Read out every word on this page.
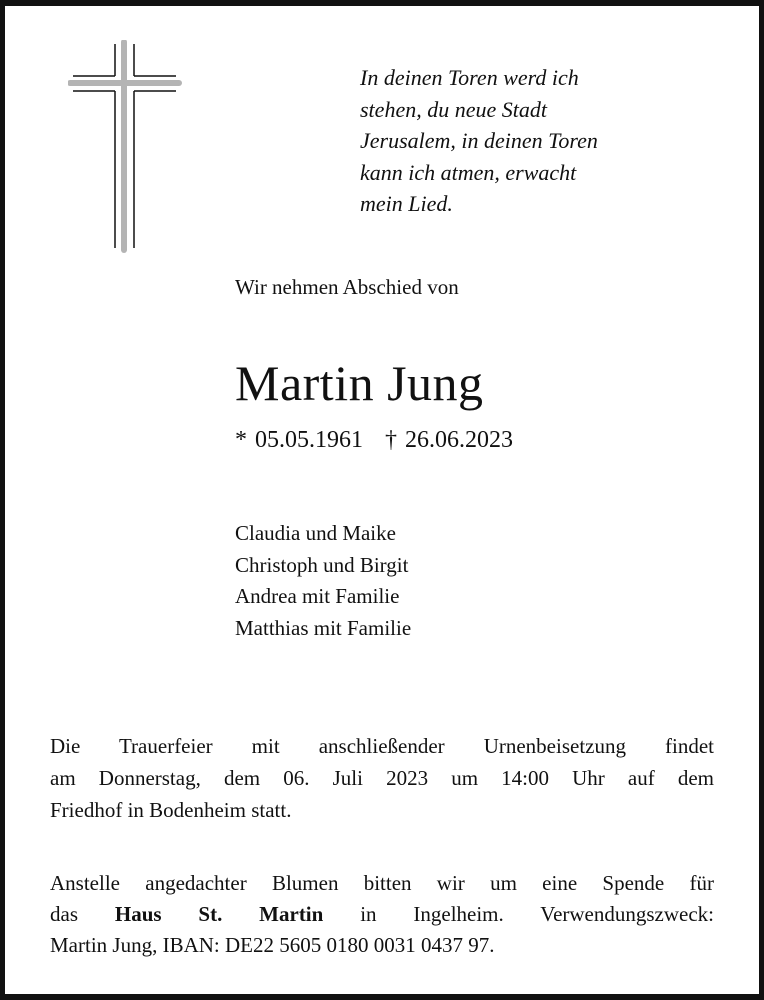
In deinen Toren werd ich
stehen, du neue Stadt
Jerusalem, in deinen Toren
kann ich atmen, erwacht
mein Lied.
Wir nehmen Abschied von
Martin Jung
* 05.05.1961 † 26.06.2023
Claudia und Maike
Christoph und Birgit
Andrea mit Familie
Matthias mit Familie
Die Trauerfeier mit anschließender Urnenbeisetzung findet
am Donnerstag, dem 06. Juli 2023 um 14:00 Uhr auf dem
Friedhof in Bodenheim statt.
Anstelle angedachter Blumen bitten wir um eine Spende für
das Haus St. Martin in Ingelheim. Verwendungszweck:
Martin Jung, IBAN: DE22 5605 0180 0031 0437 97.
